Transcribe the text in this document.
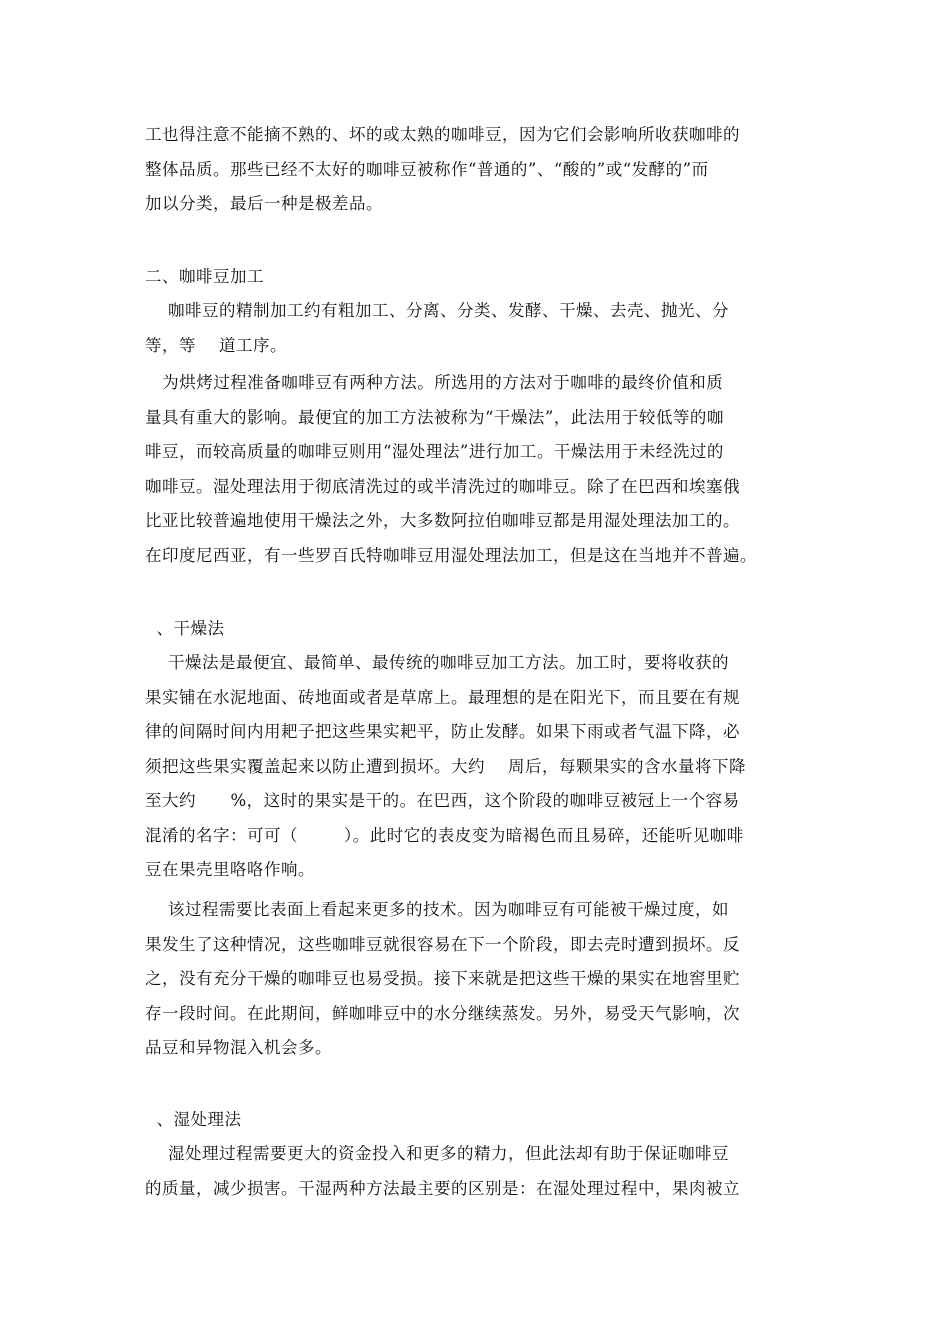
工也得注意不能摘不熟的、坏的或太熟的咖啡豆，因为它们会影响所收获咖啡的
整体品质。那些已经不太好的咖啡豆被称作“普通的”、“酸的”或“发酵的”而
加以分类，最后一种是极差品。
二、咖啡豆加工
咖啡豆的精制加工约有粗加工、分离、分类、发酵、干燥、去壳、抛光、分
等，等    道工序。
为烘烤过程准备咖啡豆有两种方法。所选用的方法对于咖啡的最终价值和质
量具有重大的影响。最便宜的加工方法被称为“干燥法”，此法用于较低等的咖
啡豆，而较高质量的咖啡豆则用“湿处理法”进行加工。干燥法用于未经洗过的
咖啡豆。湿处理法用于彻底清洗过的或半清洗过的咖啡豆。除了在巴西和埃塞俄
比亚比较普遍地使用干燥法之外，大多数阿拉伯咖啡豆都是用湿处理法加工的。
在印度尼西亚，有一些罗百氏特咖啡豆用湿处理法加工，但是这在当地并不普遍。
、干燥法
干燥法是最便宜、最简单、最传统的咖啡豆加工方法。加工时，要将收获的
果实铺在水泥地面、砖地面或者是草席上。最理想的是在阳光下，而且要在有规
律的间隔时间内用耙子把这些果实耙平，防止发酵。如果下雨或者气温下降，必
须把这些果实覆盖起来以防止遭到损坏。大约    周后，每颗果实的含水量将下降
至大约      %，这时的果实是干的。在巴西，这个阶段的咖啡豆被冠上一个容易
混淆的名字：可可（        ）。此时它的表皮变为暗褐色而且易碎，还能听见咖啡
豆在果壳里咯咯作响。
该过程需要比表面上看起来更多的技术。因为咖啡豆有可能被干燥过度，如
果发生了这种情况，这些咖啡豆就很容易在下一个阶段，即去壳时遭到损坏。反
之，没有充分干燥的咖啡豆也易受损。接下来就是把这些干燥的果实在地窖里贮
存一段时间。在此期间，鲜咖啡豆中的水分继续蒸发。另外，易受天气影响，次
品豆和异物混入机会多。
、湿处理法
湿处理过程需要更大的资金投入和更多的精力，但此法却有助于保证咖啡豆
的质量，减少损害。干湿两种方法最主要的区别是：在湿处理过程中，果肉被立
